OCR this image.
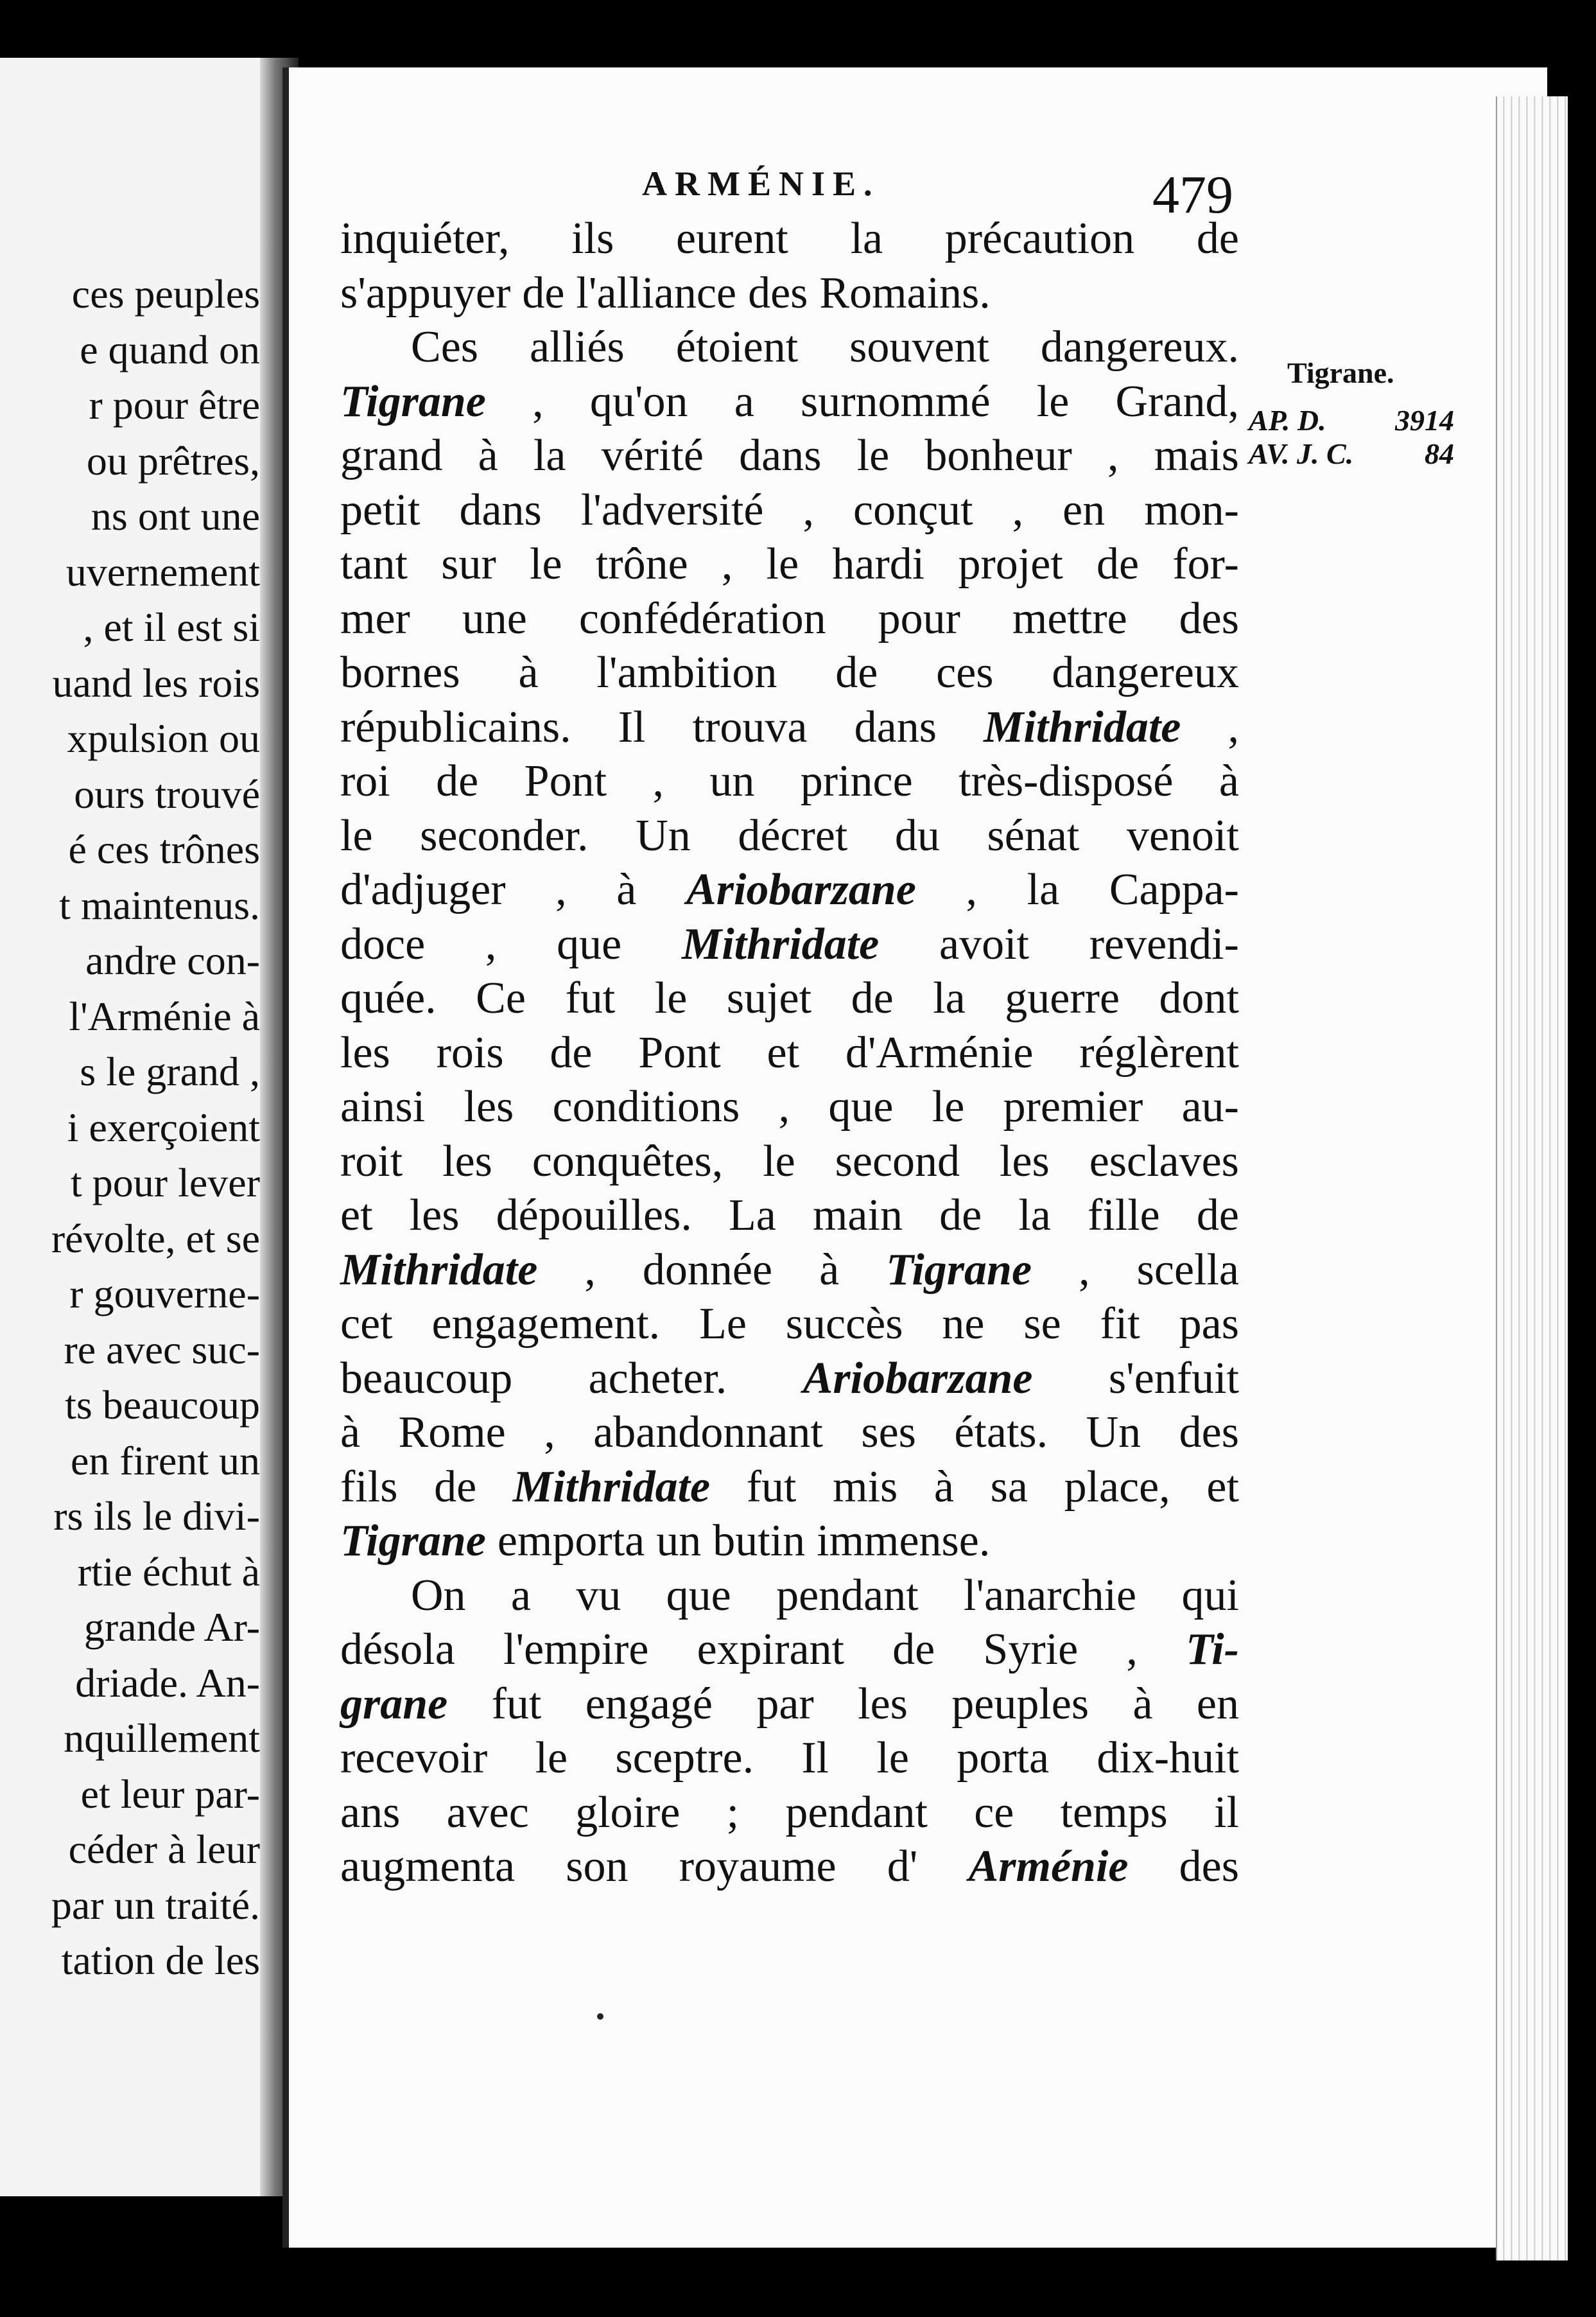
ces peuples
e quand on
r pour être
ou prêtres,
ns ont une
uvernement
, et il est si
uand les rois
xpulsion ou
ours trouvé
é ces trônes
t maintenus.
andre con-
l'Arménie à
s le grand ,
i exerçoient
t pour lever
révolte, et se
r gouverne-
re avec suc-
ts beaucoup
en firent un
rs ils le divi-
rtie échut à
grande Ar-
driade. An-
nquillement
et leur par-
céder à leur
par un traité.
tation de les
ARMÉNIE.	479
inquiéter, ils eurent la précaution de
s'appuyer de l'alliance des Romains.
Ces alliés étoient souvent dangereux.
Tigrane , qu'on a surnommé le Grand,
grand à la vérité dans le bonheur , mais
petit dans l'adversité , conçut , en mon-
tant sur le trône , le hardi projet de for-
mer une confédération pour mettre des
bornes à l'ambition de ces dangereux
républicains. Il trouva dans Mithridate ,
roi de Pont , un prince très-disposé à
le seconder. Un décret du sénat venoit
d'adjuger , à Ariobarzane , la Cappa-
doce , que Mithridate avoit revendi-
quée. Ce fut le sujet de la guerre dont
les rois de Pont et d'Arménie réglèrent
ainsi les conditions , que le premier au-
roit les conquêtes, le second les esclaves
et les dépouilles. La main de la fille de
Mithridate , donnée à Tigrane , scella
cet engagement. Le succès ne se fit pas
beaucoup acheter. Ariobarzane s'enfuit
à Rome , abandonnant ses états. Un des
fils de Mithridate fut mis à sa place, et
Tigrane emporta un butin immense.
On a vu que pendant l'anarchie qui
désola l'empire expirant de Syrie , Ti-
grane fut engagé par les peuples à en
recevoir le sceptre. Il le porta dix-huit
ans avec gloire ; pendant ce temps il
augmenta son royaume d' Arménie des
Tigrane.
AP. D. 3914
AV. J. C. 84
